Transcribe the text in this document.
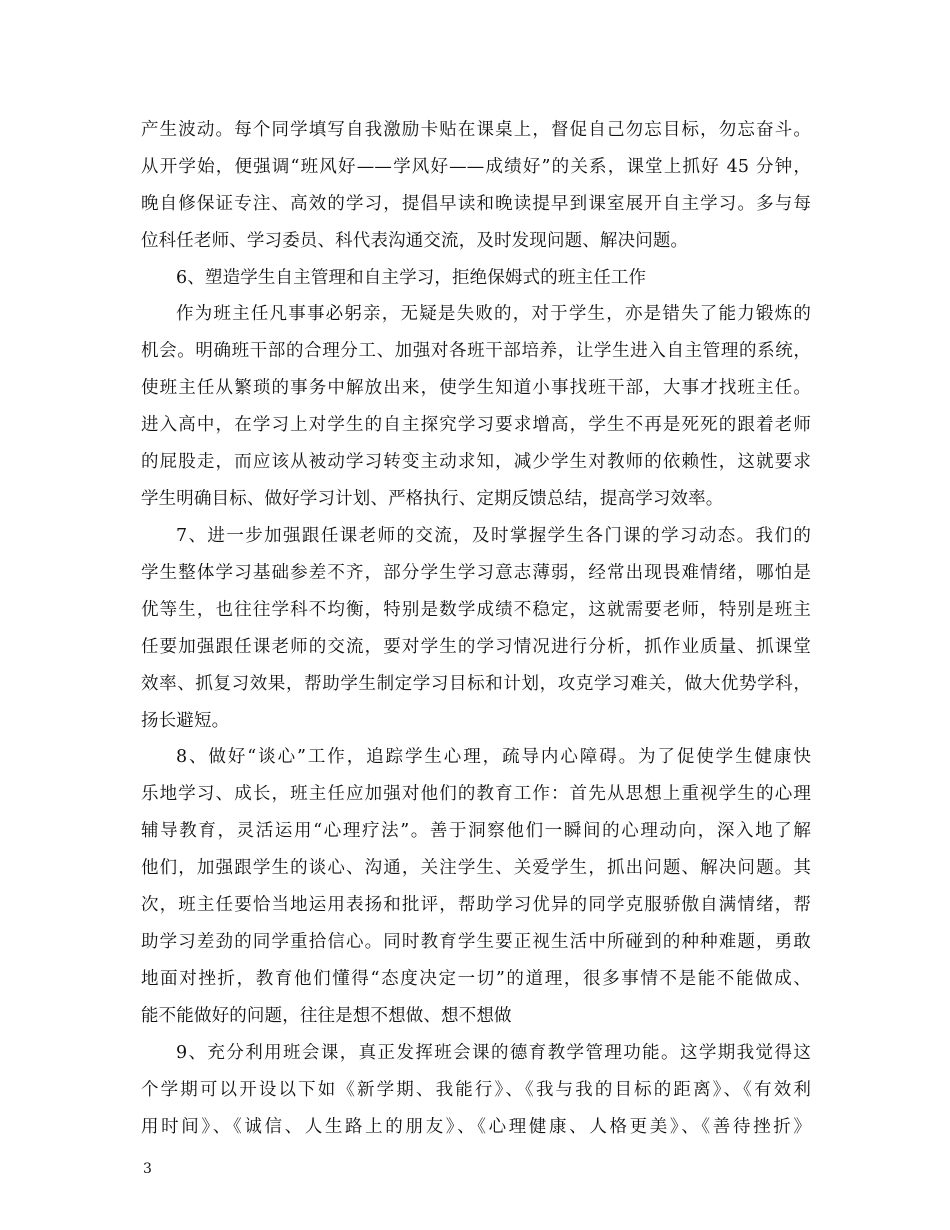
产生波动。每个同学填写自我激励卡贴在课桌上，督促自己勿忘目标，勿忘奋斗。
从开学始，便强调“班风好——学风好——成绩好”的关系，课堂上抓好 45 分钟，
晚自修保证专注、高效的学习，提倡早读和晚读提早到课室展开自主学习。多与每
位科任老师、学习委员、科代表沟通交流，及时发现问题、解决问题。
6、塑造学生自主管理和自主学习，拒绝保姆式的班主任工作
作为班主任凡事事必躬亲，无疑是失败的，对于学生，亦是错失了能力锻炼的
机会。明确班干部的合理分工、加强对各班干部培养，让学生进入自主管理的系统，
使班主任从繁琐的事务中解放出来，使学生知道小事找班干部，大事才找班主任。
进入高中，在学习上对学生的自主探究学习要求增高，学生不再是死死的跟着老师
的屁股走，而应该从被动学习转变主动求知，减少学生对教师的依赖性，这就要求
学生明确目标、做好学习计划、严格执行、定期反馈总结，提高学习效率。
7、进一步加强跟任课老师的交流，及时掌握学生各门课的学习动态。我们的
学生整体学习基础参差不齐，部分学生学习意志薄弱，经常出现畏难情绪，哪怕是
优等生，也往往学科不均衡，特别是数学成绩不稳定，这就需要老师，特别是班主
任要加强跟任课老师的交流，要对学生的学习情况进行分析，抓作业质量、抓课堂
效率、抓复习效果，帮助学生制定学习目标和计划，攻克学习难关，做大优势学科，
扬长避短。
8、做好“谈心”工作，追踪学生心理，疏导内心障碍。为了促使学生健康快
乐地学习、成长，班主任应加强对他们的教育工作：首先从思想上重视学生的心理
辅导教育，灵活运用“心理疗法”。善于洞察他们一瞬间的心理动向，深入地了解
他们，加强跟学生的谈心、沟通，关注学生、关爱学生，抓出问题、解决问题。其
次，班主任要恰当地运用表扬和批评，帮助学习优异的同学克服骄傲自满情绪，帮
助学习差劲的同学重拾信心。同时教育学生要正视生活中所碰到的种种难题，勇敢
地面对挫折，教育他们懂得“态度决定一切”的道理，很多事情不是能不能做成、
能不能做好的问题，往往是想不想做、想不想做
9、充分利用班会课，真正发挥班会课的德育教学管理功能。这学期我觉得这
个学期可以开设以下如《新学期、我能行》、《我与我的目标的距离》、《有效利
用时间》、《诚信、人生路上的朋友》、《心理健康、人格更美》、《善待挫折》
3
